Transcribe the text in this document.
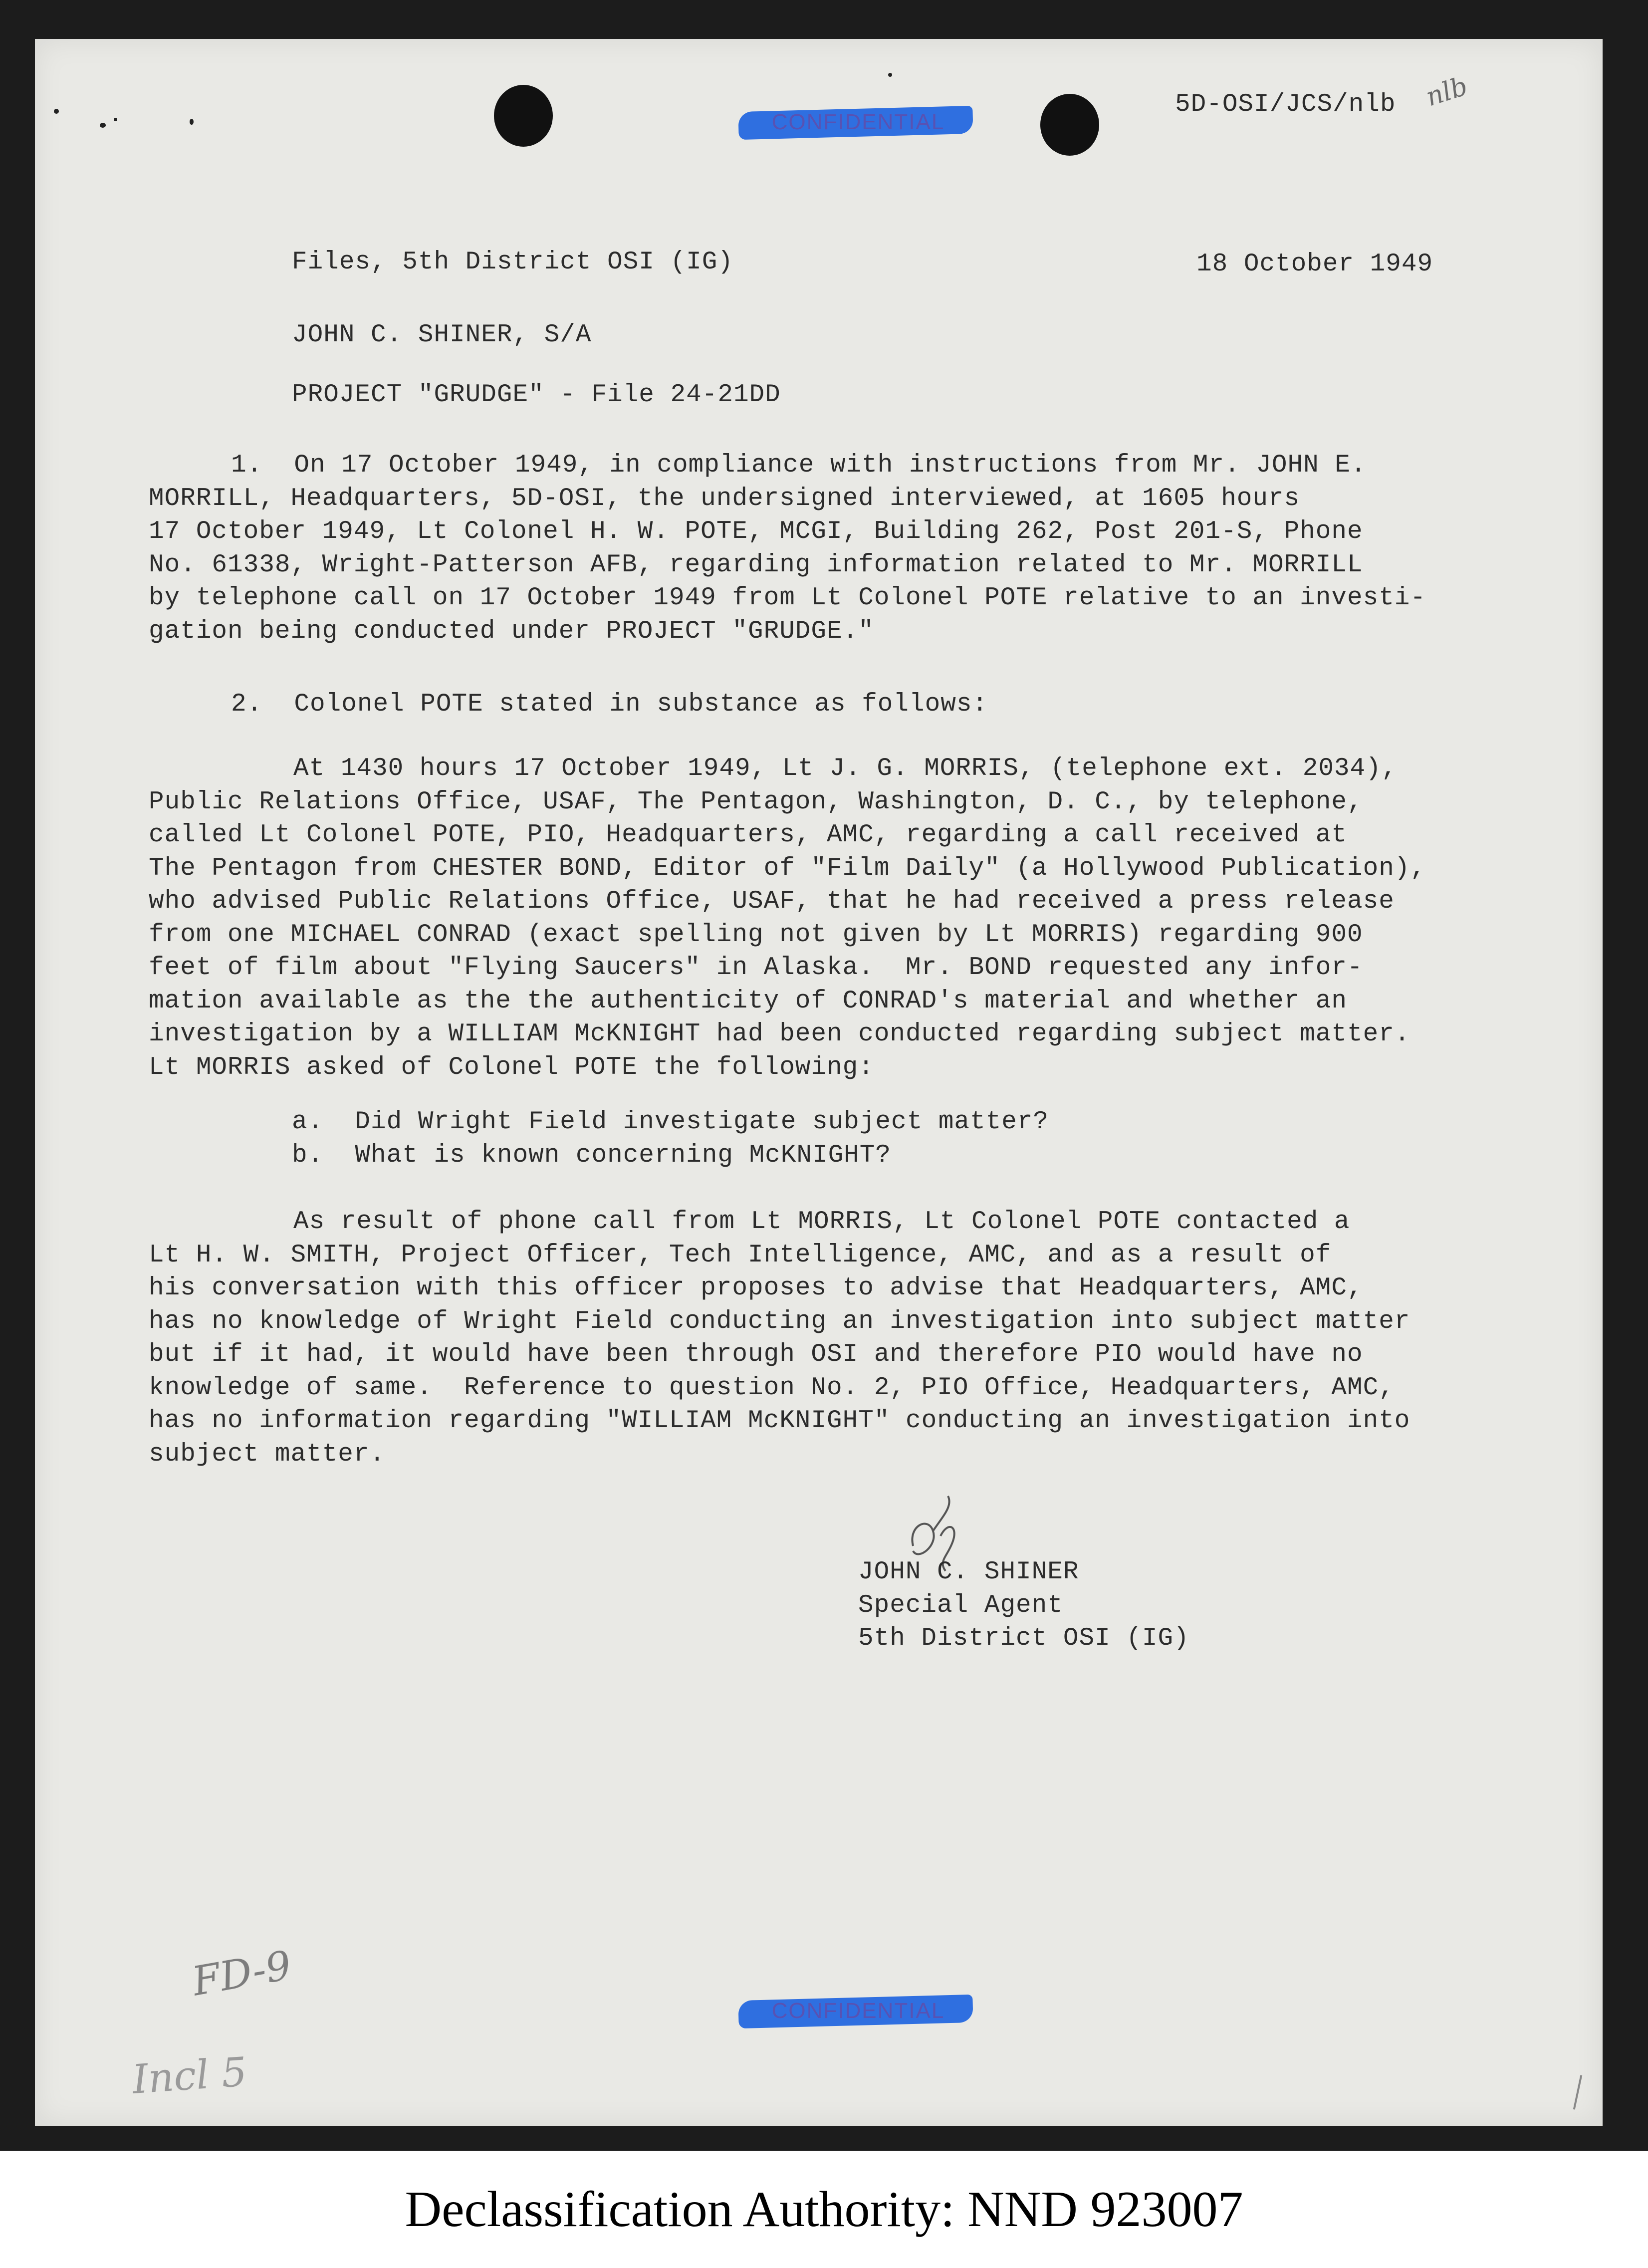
CONFIDENTIAL
5D-OSI/JCS/nlb nlb
Files, 5th District OSI (IG)	18 October 1949
JOHN C. SHINER, S/A
PROJECT "GRUDGE" - File 24-21DD
1.  On 17 October 1949, in compliance with instructions from Mr. JOHN E.
MORRILL, Headquarters, 5D-OSI, the undersigned interviewed, at 1605 hours
17 October 1949, Lt Colonel H. W. POTE, MCGI, Building 262, Post 201-S, Phone
No. 61338, Wright-Patterson AFB, regarding information related to Mr. MORRILL
by telephone call on 17 October 1949 from Lt Colonel POTE relative to an investi-
gation being conducted under PROJECT "GRUDGE."
2.  Colonel POTE stated in substance as follows:
At 1430 hours 17 October 1949, Lt J. G. MORRIS, (telephone ext. 2034),
Public Relations Office, USAF, The Pentagon, Washington, D. C., by telephone,
called Lt Colonel POTE, PIO, Headquarters, AMC, regarding a call received at
The Pentagon from CHESTER BOND, Editor of "Film Daily" (a Hollywood Publication),
who advised Public Relations Office, USAF, that he had received a press release
from one MICHAEL CONRAD (exact spelling not given by Lt MORRIS) regarding 900
feet of film about "Flying Saucers" in Alaska.  Mr. BOND requested any infor-
mation available as the the authenticity of CONRAD's material and whether an
investigation by a WILLIAM McKNIGHT had been conducted regarding subject matter.
Lt MORRIS asked of Colonel POTE the following:
a.  Did Wright Field investigate subject matter?
b.  What is known concerning McKNIGHT?
As result of phone call from Lt MORRIS, Lt Colonel POTE contacted a
Lt H. W. SMITH, Project Officer, Tech Intelligence, AMC, and as a result of
his conversation with this officer proposes to advise that Headquarters, AMC,
has no knowledge of Wright Field conducting an investigation into subject matter
but if it had, it would have been through OSI and therefore PIO would have no
knowledge of same.  Reference to question No. 2, PIO Office, Headquarters, AMC,
has no information regarding "WILLIAM McKNIGHT" conducting an investigation into
subject matter.
JOHN C. SHINER
Special Agent
5th District OSI (IG)
FD-9
Incl 5
CONFIDENTIAL
Declassification Authority: NND 923007
